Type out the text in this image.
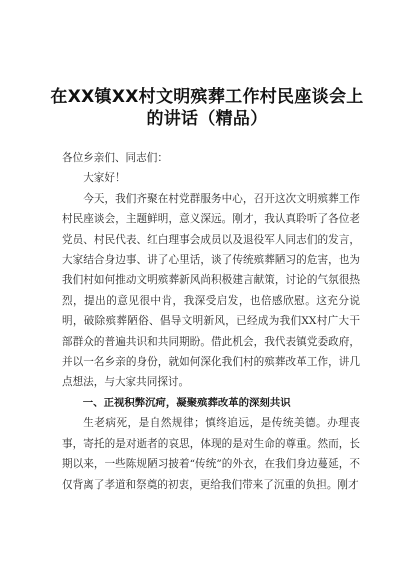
在XX镇XX村文明殡葬工作村民座谈会上的讲话（精品）

各位乡亲们、同志们：

大家好！

今天，我们齐聚在村党群服务中心，召开这次文明殡葬工作村民座谈会，主题鲜明，意义深远。刚才，我认真聆听了各位老党员、村民代表、红白理事会成员以及退役军人同志们的发言，大家结合身边事、讲了心里话，谈了传统殡葬陋习的危害，也为我们村如何推动文明殡葬新风尚积极建言献策，讨论的气氛很热烈，提出的意见很中肯，我深受启发，也倍感欣慰。这充分说明，破除殡葬陋俗、倡导文明新风，已经成为我们XX村广大干部群众的普遍共识和共同期盼。借此机会，我代表镇党委政府，并以一名乡亲的身份，就如何深化我们村的殡葬改革工作，讲几点想法，与大家共同探讨。

一、正视积弊沉疴，凝聚殡葬改革的深刻共识

生老病死，是自然规律；慎终追远，是传统美德。办理丧事，寄托的是对逝者的哀思，体现的是对生命的尊重。然而，长期以来，一些陈规陋习披着“传统”的外衣，在我们身边蔓延，不仅背离了孝道和祭奠的初衷，更给我们带来了沉重的负担。刚才
